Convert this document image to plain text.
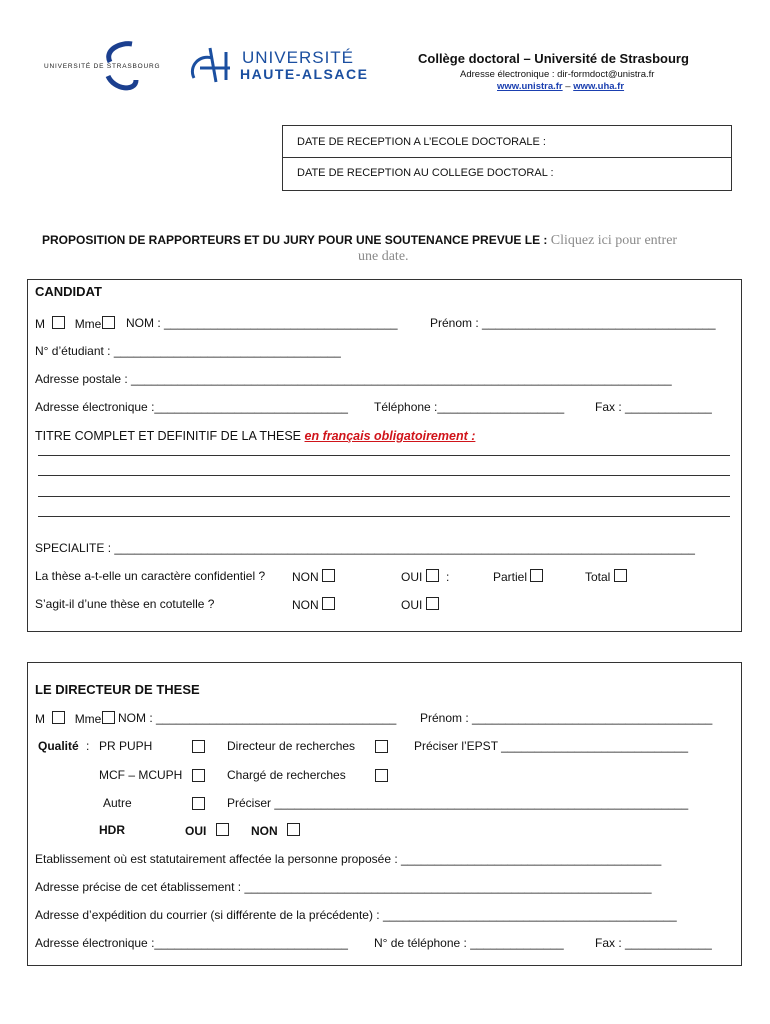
UNIVERSITÉ DE STRASBOURG	UNIVERSITÉ
HAUTE-ALSACE
Collège doctoral – Université de Strasbourg
Adresse électronique : dir-formdoct@unistra.fr
www.unistra.fr – www.uha.fr
DATE DE RECEPTION A L’ECOLE DOCTORALE :
DATE DE RECEPTION AU COLLEGE DOCTORAL :
PROPOSITION DE RAPPORTEURS ET DU JURY POUR UNE SOUTENANCE PREVUE LE : Cliquez ici pour entrer
une date.
CANDIDAT
M Mme	NOM : ___________________________________	Prénom : ___________________________________
N° d’étudiant : __________________________________
Adresse postale : _________________________________________________________________________________
Adresse électronique :_____________________________ Téléphone :___________________	Fax : _____________
TITRE COMPLET ET DEFINITIF DE LA THESE en français obligatoirement :
SPECIALITE : _______________________________________________________________________________________
La thèse a-t-elle un caractère confidentiel ? NON	OUI :	Partiel	Total
S’agit-il d’une thèse en cotutelle ?	NON	OUI
LE DIRECTEUR DE THESE
M Mme	NOM : ____________________________________ Prénom : ____________________________________
Qualité : PR PUPH	Directeur de recherches	Préciser l’EPST ____________________________
MCF – MCUPH	Chargé de recherches
Autre	Préciser ______________________________________________________________
HDR	OUI	NON
Etablissement où est statutairement affectée la personne proposée : _______________________________________
Adresse précise de cet établissement : _____________________________________________________________
Adresse d’expédition du courrier (si différente de la précédente) : ____________________________________________
Adresse électronique :_____________________________ N° de téléphone : ______________	Fax : _____________
